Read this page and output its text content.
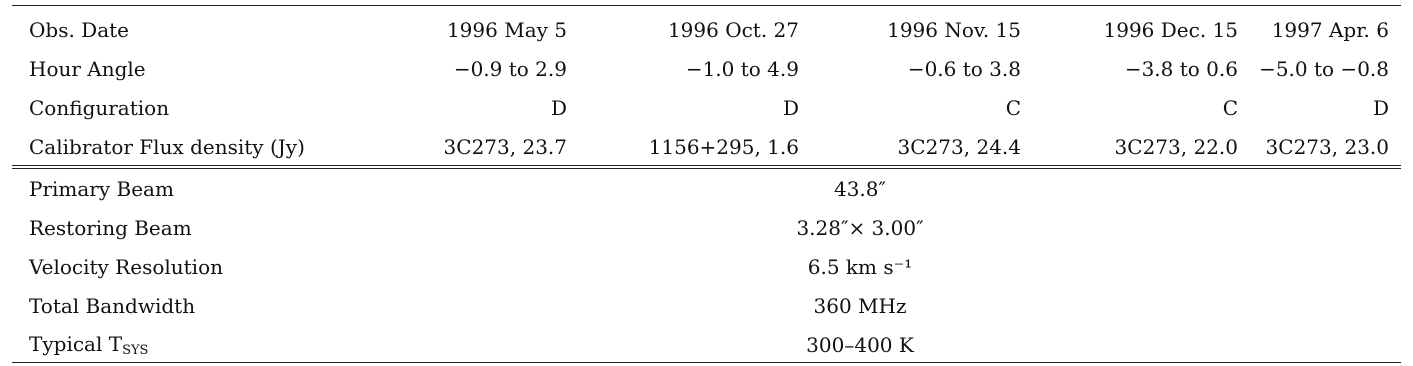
Obs. Date	1996 May 5	1996 Oct. 27	1996 Nov. 15	1996 Dec. 15	1997 Apr. 6
Hour Angle	−0.9 to 2.9	−1.0 to 4.9	−0.6 to 3.8	−3.8 to 0.6	−5.0 to −0.8
Configuration	D	D	C	C	D
Calibrator Flux density (Jy)	3C273, 23.7	1156+295, 1.6	3C273, 24.4	3C273, 22.0	3C273, 23.0
Primary Beam	43.8″
Restoring Beam	3.28″× 3.00″
Velocity Resolution	6.5 km s⁻¹
Total Bandwidth	360 MHz
Typical $T_{SYS}$	300–400 K
